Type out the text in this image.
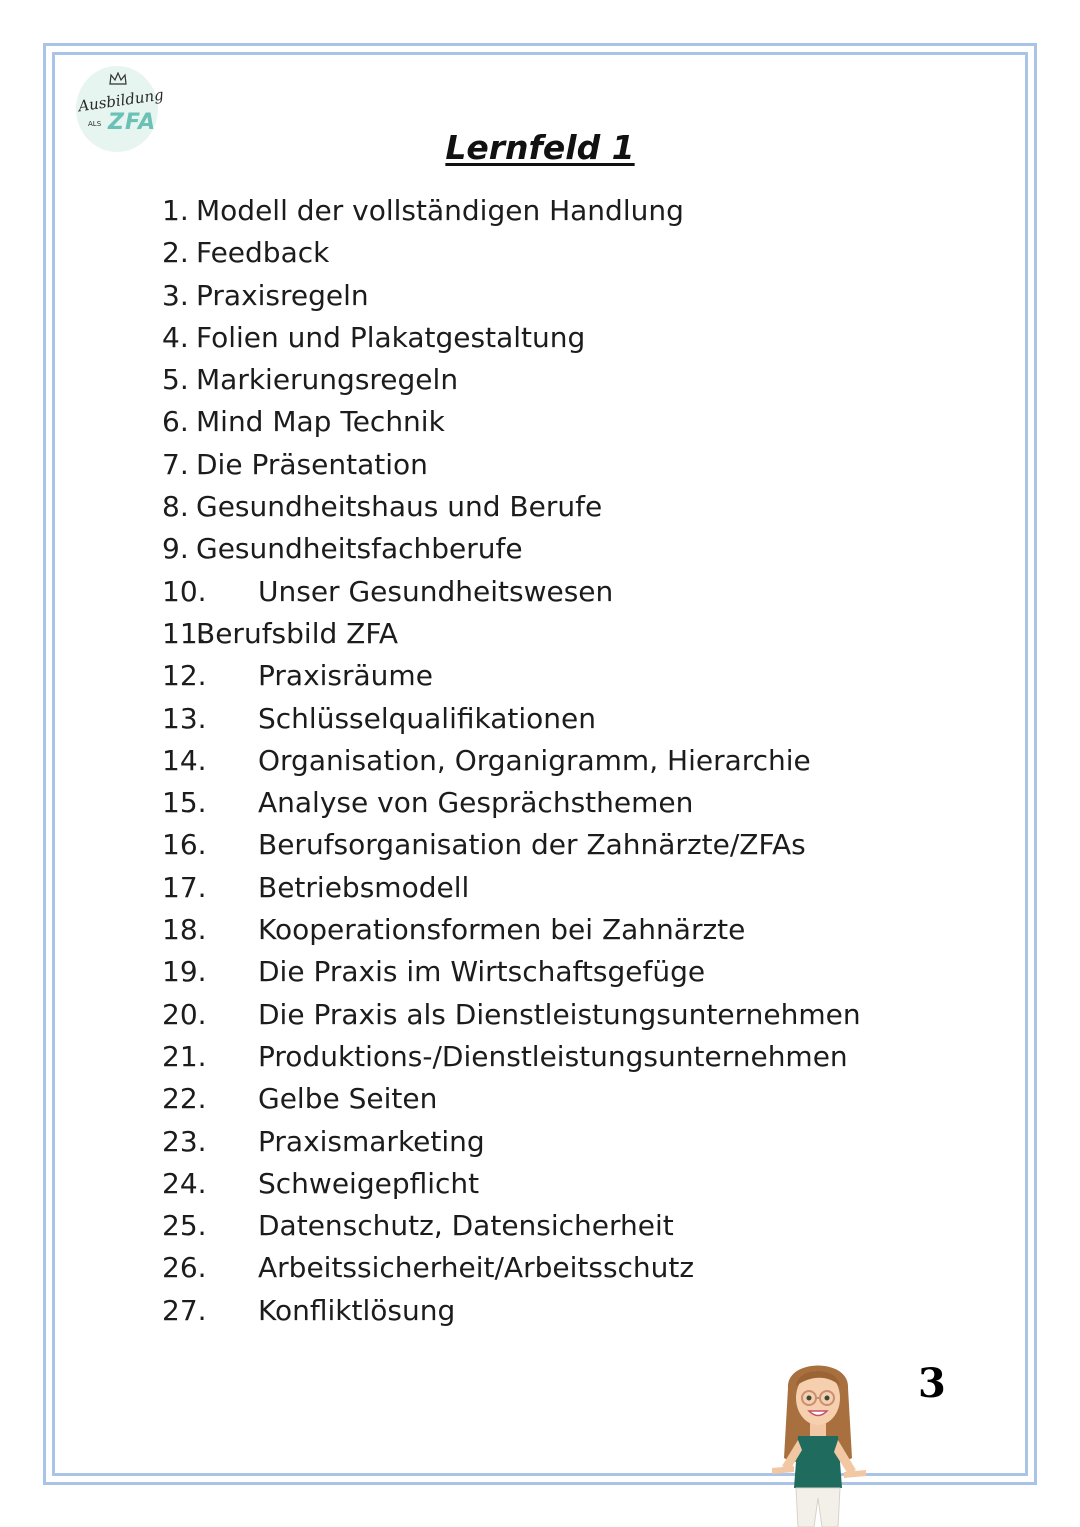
Ausbildung
ALS ZFA
Lernfeld 1
1. Modell der vollständigen Handlung
2. Feedback
3. Praxisregeln
4. Folien und Plakatgestaltung
5. Markierungsregeln
6. Mind Map Technik
7. Die Präsentation
8. Gesundheitshaus und Berufe
9. Gesundheitsfachberufe
10. Unser Gesundheitswesen
11.Berufsbild ZFA
12. Praxisräume
13. Schlüsselqualifikationen
14. Organisation, Organigramm, Hierarchie
15. Analyse von Gesprächsthemen
16. Berufsorganisation der Zahnärzte/ZFAs
17. Betriebsmodell
18. Kooperationsformen bei Zahnärzte
19. Die Praxis im Wirtschaftsgefüge
20. Die Praxis als Dienstleistungsunternehmen
21. Produktions-/Dienstleistungsunternehmen
22. Gelbe Seiten
23. Praxismarketing
24. Schweigepflicht
25. Datenschutz, Datensicherheit
26. Arbeitssicherheit/Arbeitsschutz
27. Konfliktlösung
3
